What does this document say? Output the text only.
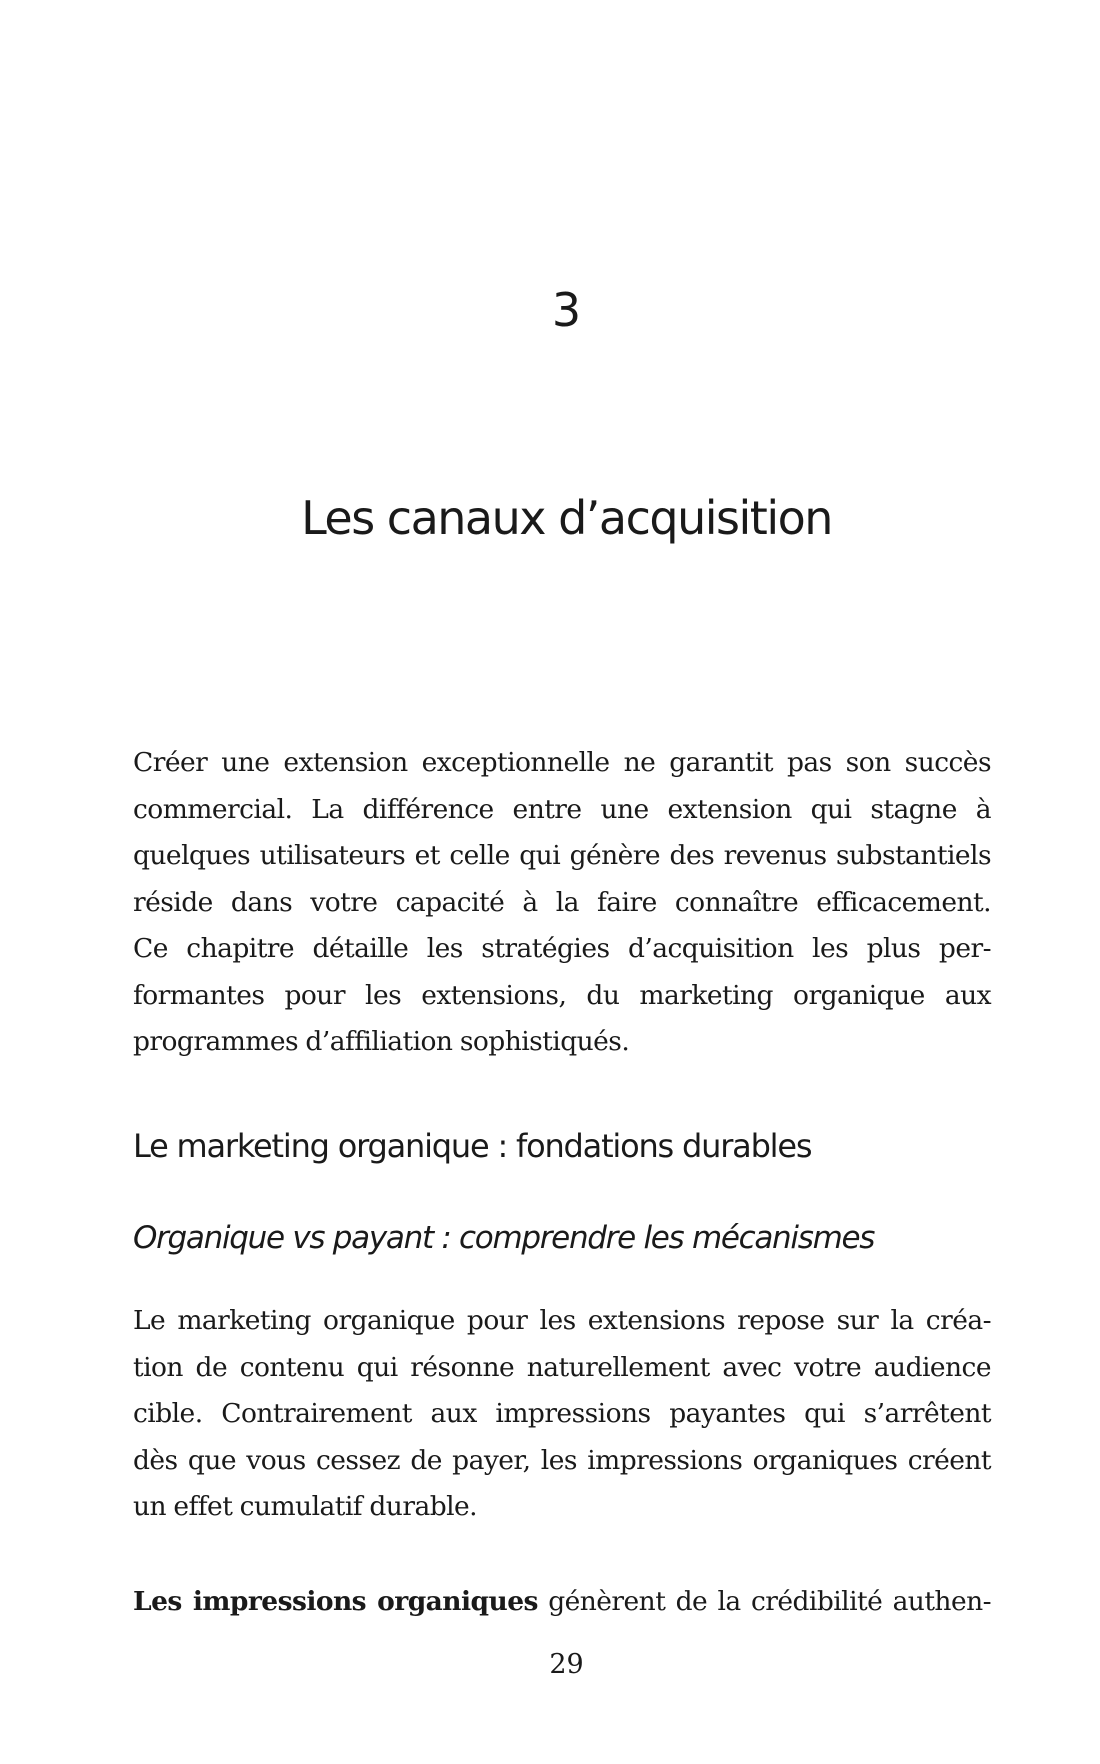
3
Les canaux d’acquisition

Créer une extension exceptionnelle ne garantit pas son succès
commercial. La différence entre une extension qui stagne à
quelques utilisateurs et celle qui génère des revenus substantiels
réside dans votre capacité à la faire connaître efficacement.
Ce chapitre détaille les stratégies d’acquisition les plus per-
formantes pour les extensions, du marketing organique aux
programmes d’affiliation sophistiqués.

Le marketing organique : fondations durables
Organique vs payant : comprendre les mécanismes

Le marketing organique pour les extensions repose sur la créa-
tion de contenu qui résonne naturellement avec votre audience
cible. Contrairement aux impressions payantes qui s’arrêtent
dès que vous cessez de payer, les impressions organiques créent
un effet cumulatif durable.

Les impressions organiques génèrent de la crédibilité authen-

29
